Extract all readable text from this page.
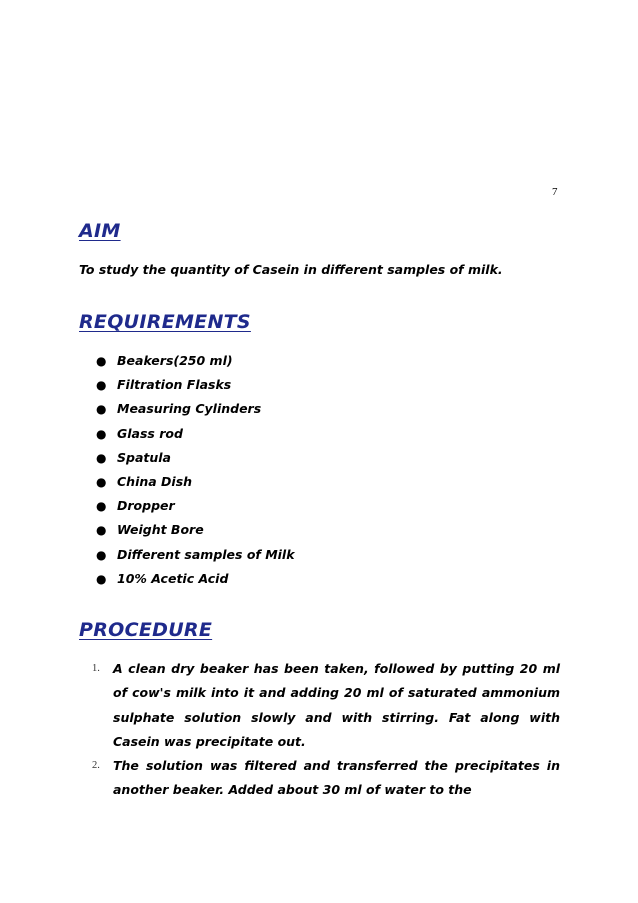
7
AIM

To study the quantity of Casein in different samples of milk.

REQUIREMENTS
● Beakers(250 ml)
● Filtration Flasks
● Measuring Cylinders
● Glass rod
● Spatula
● China Dish
● Dropper
● Weight Bore
● Different samples of Milk
● 10% Acetic Acid
PROCEDURE
1. A clean dry beaker has been taken, followed by putting 20 ml of cow's milk into it and adding 20 ml of saturated ammonium sulphate solution slowly and with stirring. Fat along with Casein was precipitate out.
2. The solution was filtered and transferred the precipitates in another beaker. Added about 30 ml of water to the
